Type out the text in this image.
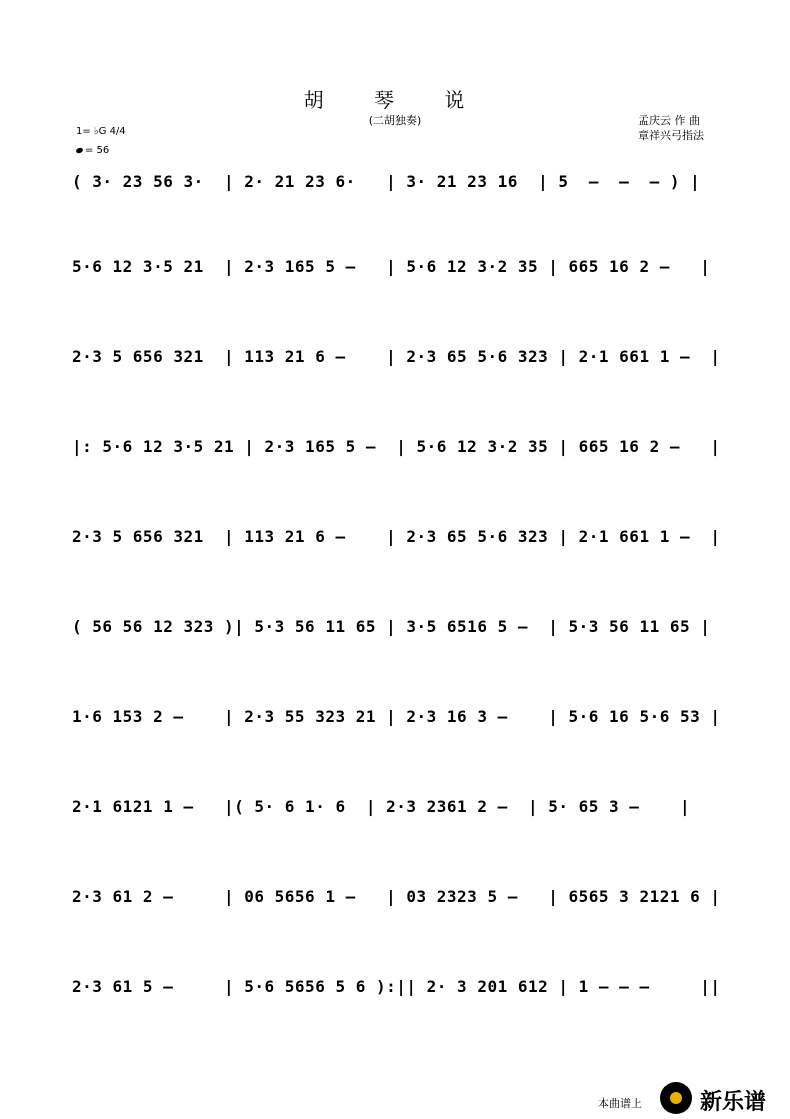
胡 琴 说
(二胡独奏)	孟庆云 作 曲
章祥兴弓指法
1= ♭G 4/4
= 56
( 3· 23 56 3·  | 2· 21 23 6·   | 3· 21 23 16  | 5  –  –  – ) |
5·6 12 3·5 21  | 2·3 165 5 –   | 5·6 12 3·2 35 | 665 16 2 –   |
2·3 5 656 321  | 113 21 6 –    | 2·3 65 5·6 323 | 2·1 661 1 –  |
|: 5·6 12 3·5 21 | 2·3 165 5 –  | 5·6 12 3·2 35 | 665 16 2 –   |
2·3 5 656 321  | 113 21 6 –    | 2·3 65 5·6 323 | 2·1 661 1 –  |
( 56 56 12 323 )| 5·3 56 11 65 | 3·5 6516 5 –  | 5·3 56 11 65 |
1·6 153 2 –    | 2·3 55 323 21 | 2·3 16 3 –    | 5·6 16 5·6 53 |
2·1 6121 1 –   |( 5· 6 1· 6  | 2·3 2361 2 –  | 5· 65 3 –    |
2·3 61 2 –     | 06 5656 1 –   | 03 2323 5 –   | 6565 3 2121 6 |
2·3 61 5 –     | 5·6 5656 5 6 ):|| 2· 3 201 612 | 1 – – –     ||
本曲谱上	新乐谱
